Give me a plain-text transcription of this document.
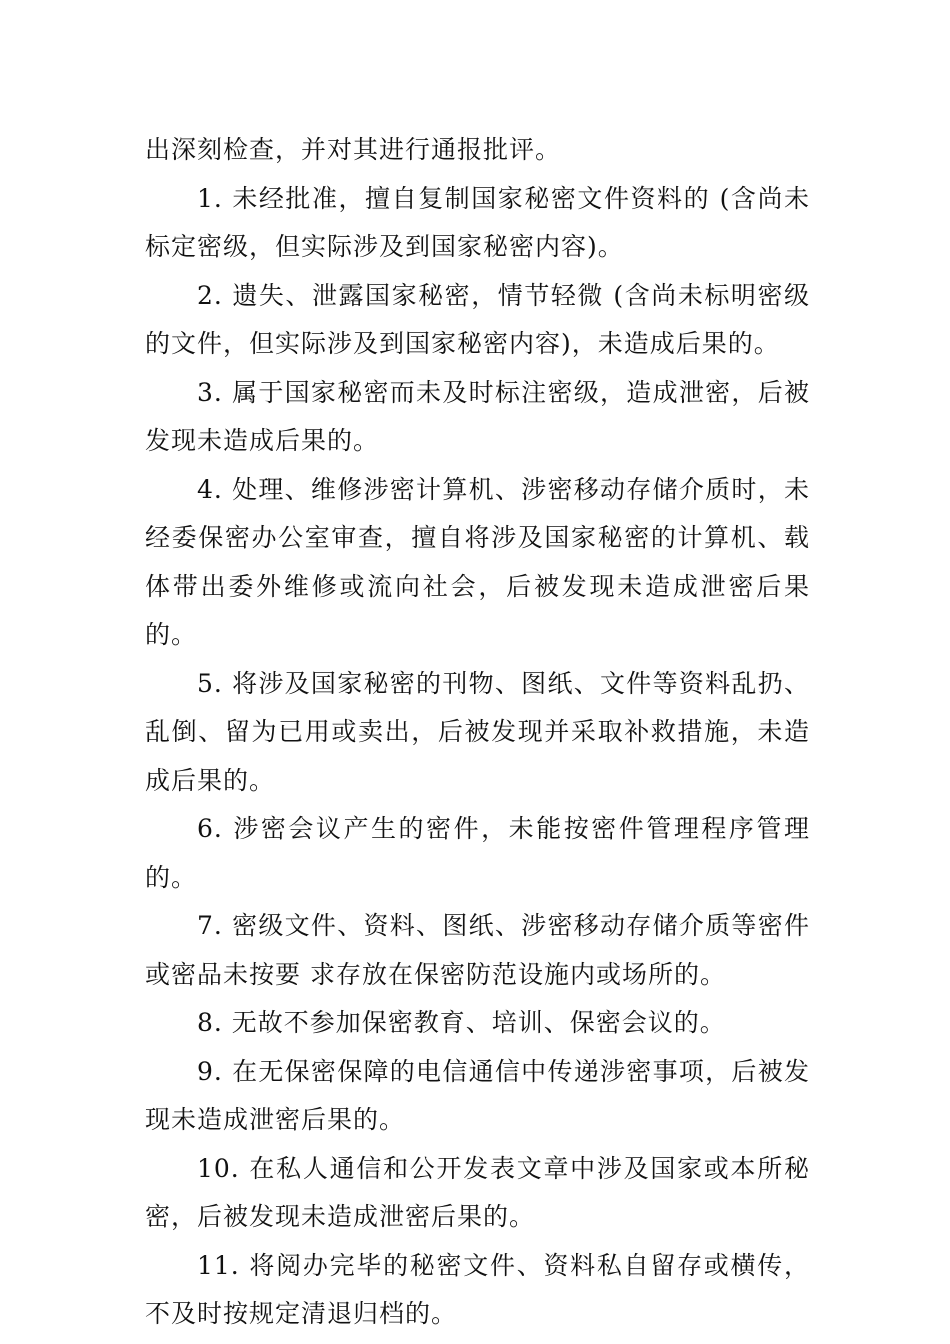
出深刻检查，并对其进行通报批评。

1. 未经批准，擅自复制国家秘密文件资料的 (含尚未标定密级，但实际涉及到国家秘密内容)。

2. 遗失、泄露国家秘密，情节轻微 (含尚未标明密级的文件，但实际涉及到国家秘密内容)，未造成后果的。

3. 属于国家秘密而未及时标注密级，造成泄密，后被发现未造成后果的。

4. 处理、维修涉密计算机、涉密移动存储介质时，未经委保密办公室审查，擅自将涉及国家秘密的计算机、载体带出委外维修或流向社会，后被发现未造成泄密后果的。

5. 将涉及国家秘密的刊物、图纸、文件等资料乱扔、乱倒、留为已用或卖出，后被发现并采取补救措施，未造成后果的。

6. 涉密会议产生的密件，未能按密件管理程序管理的。

7. 密级文件、资料、图纸、涉密移动存储介质等密件或密品未按要 求存放在保密防范设施内或场所的。

8. 无故不参加保密教育、培训、保密会议的。

9. 在无保密保障的电信通信中传递涉密事项，后被发现未造成泄密后果的。

10. 在私人通信和公开发表文章中涉及国家或本所秘密，后被发现未造成泄密后果的。

11. 将阅办完毕的秘密文件、资料私自留存或横传，不及时按规定清退归档的。
